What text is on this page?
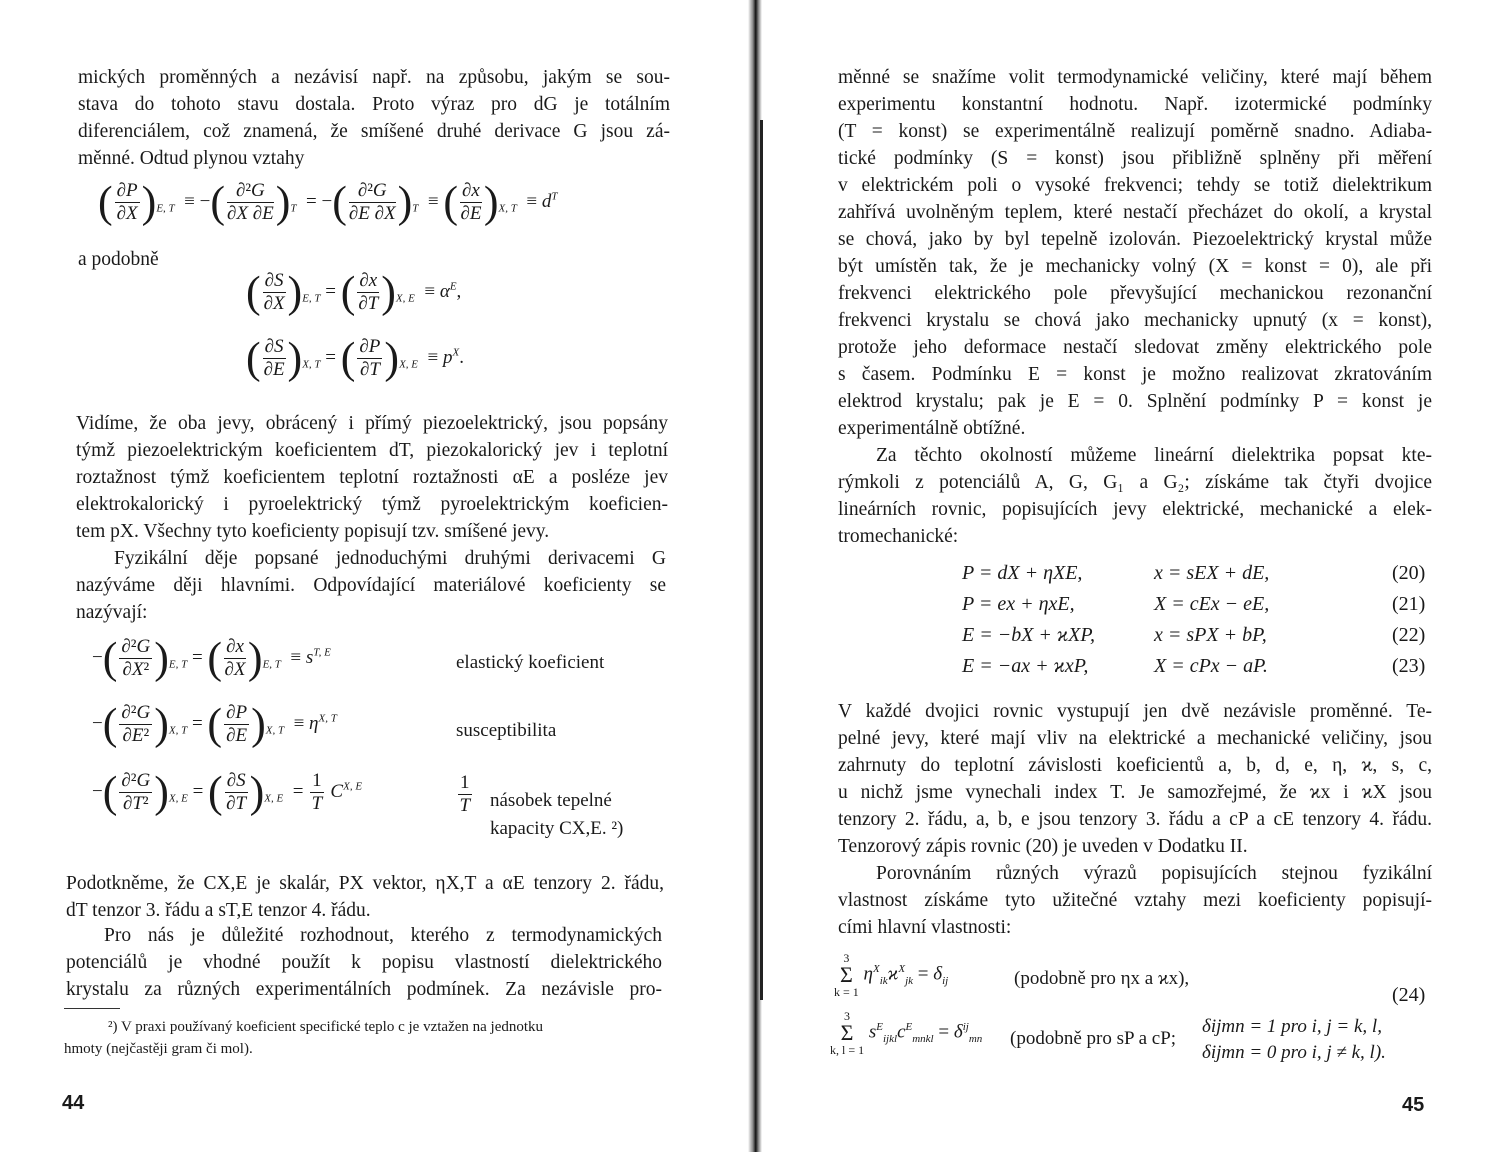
mických proměnných a nezávisí např. na způsobu, jakým se sou-
stava do tohoto stavu dostala. Proto výraz pro dG je totálním
diferenciálem, což znamená, že smíšené druhé derivace G jsou zá-
měnné. Odtud plynou vztahy
( $\frac{\partial P}{\partial X} )_{E, T}$  ≡ −( $\frac{\text{∂²G}}{\partial X \partial E} )_T$  = −( $\frac{\text{∂²G}}{\partial E \partial X} )_T$  ≡ ( $\frac{\partial x}{\partial E} )_{X, T} \equiv d^T$
a podobně
( $\frac{\partial S}{\partial X} )_{E, T}$ = ( $\frac{\partial x}{\partial T} )_{X, E} \equiv \alpha^E$,
( $\frac{\partial S}{\partial E} )_{X, T}$ = ( $\frac{\partial P}{\partial T} )_{X, E} \equiv p^X$.
Vidíme, že oba jevy, obrácený i přímý piezoelektrický, jsou popsány
týmž piezoelektrickým koeficientem dT, piezokalorický jev i teplotní
roztažnost týmž koeficientem teplotní roztažnosti αE a posléze jev
elektrokalorický i pyroelektrický týmž pyroelektrickým koeficien-
tem pX. Všechny tyto koeficienty popisují tzv. smíšené jevy.
Fyzikální děje popsané jednoduchými druhými derivacemi G
nazýváme ději hlavními. Odpovídající materiálové koeficienty se
nazývají:
−( $\frac{\text{∂²G}}{\text{∂X²}} )_{E, T}$ = ( $\frac{\partial x}{\partial X} )_{E, T} \equiv s^{T, E}$	elastický koeficient
−( $\frac{\text{∂²G}}{\text{∂E²}} )_{X, T}$ = ( $\frac{\partial P}{\partial E} )_{X, T} \equiv \eta^{X, T}$
susceptibilita
−( $\frac{\text{∂²G}}{\text{∂T²}} )_{X, E}$ = ( $\frac{\partial S}{\partial T} )_{X, E} = \frac{1}{T} C^{X, E}$	$\frac{1}{T}$ násobek tepelné
kapacity CX,E. ²)
Podotkněme, že CX,E je skalár, PX vektor, ηX,T a αE tenzory 2. řádu,
dT tenzor 3. řádu a sT,E tenzor 4. řádu.
Pro nás je důležité rozhodnout, kterého z termodynamických
potenciálů je vhodné použít k popisu vlastností dielektrického
krystalu za různých experimentálních podmínek. Za nezávisle pro-
²) V praxi používaný koeficient specifické teplo c je vztažen na jednotku
hmoty (nejčastěji gram či mol).
44
měnné se snažíme volit termodynamické veličiny, které mají během
experimentu konstantní hodnotu. Např. izotermické podmínky
(T = konst) se experimentálně realizují poměrně snadno. Adiaba-
tické podmínky (S = konst) jsou přibližně splněny při měření
v elektrickém poli o vysoké frekvenci; tehdy se totiž dielektrikum
zahřívá uvolněným teplem, které nestačí přecházet do okolí, a krystal
se chová, jako by byl tepelně izolován. Piezoelektrický krystal může
být umístěn tak, že je mechanicky volný (X = konst = 0), ale při
frekvenci elektrického pole převyšující mechanickou rezonanční
frekvenci krystalu se chová jako mechanicky upnutý (x = konst),
protože jeho deformace nestačí sledovat změny elektrického pole
s časem. Podmínku E = konst je možno realizovat zkratováním
elektrod krystalu; pak je E = 0. Splnění podmínky P = konst je
experimentálně obtížné.
Za těchto okolností můžeme lineární dielektrika popsat kte-
rýmkoli z potenciálů A, G, G₁ a G₂; získáme tak čtyři dvojice
lineárních rovnic, popisujících jevy elektrické, mechanické a elek-
tromechanické:
P = dX + ηXE,	x = sEX + dE,	(20)
P = ex + ηxE,	X = cEx − eE,	(21)
E = −bX + ϰXP,	x = sPX + bP,	(22)
E = −ax + ϰxP,	X = cPx − aP.	(23)
V každé dvojici rovnic vystupují jen dvě nezávisle proměnné. Te-
pelné jevy, které mají vliv na elektrické a mechanické veličiny, jsou
zahrnuty do teplotní závislosti koeficientů a, b, d, e, η, ϰ, s, c,
u nichž jsme vynechali index T. Je samozřejmé, že ϰx i ϰX jsou
tenzory 2. řádu, a, b, e jsou tenzory 3. řádu a cP a cE tenzory 4. řádu.
Tenzorový zápis rovnic (20) je uveden v Dodatku II.
Porovnáním různých výrazů popisujících stejnou fyzikální
vlastnost získáme tyto užitečné vztahy mezi koeficienty popisují-
cími hlavní vlastnosti:
3
Σ
k = 1
$\eta^X_{ik}ϰ^X_{jk} = \delta_{ij}$	(podobně pro ηx a ϰx),
(24)
3
Σ
k, l = 1
$s^E_{ijkl}c^E_{mnkl} = \delta^{ij}_{mn}$ (podobně pro sP a cP;
δijmn = 1 pro i, j = k, l,
δijmn = 0 pro i, j ≠ k, l).
45
